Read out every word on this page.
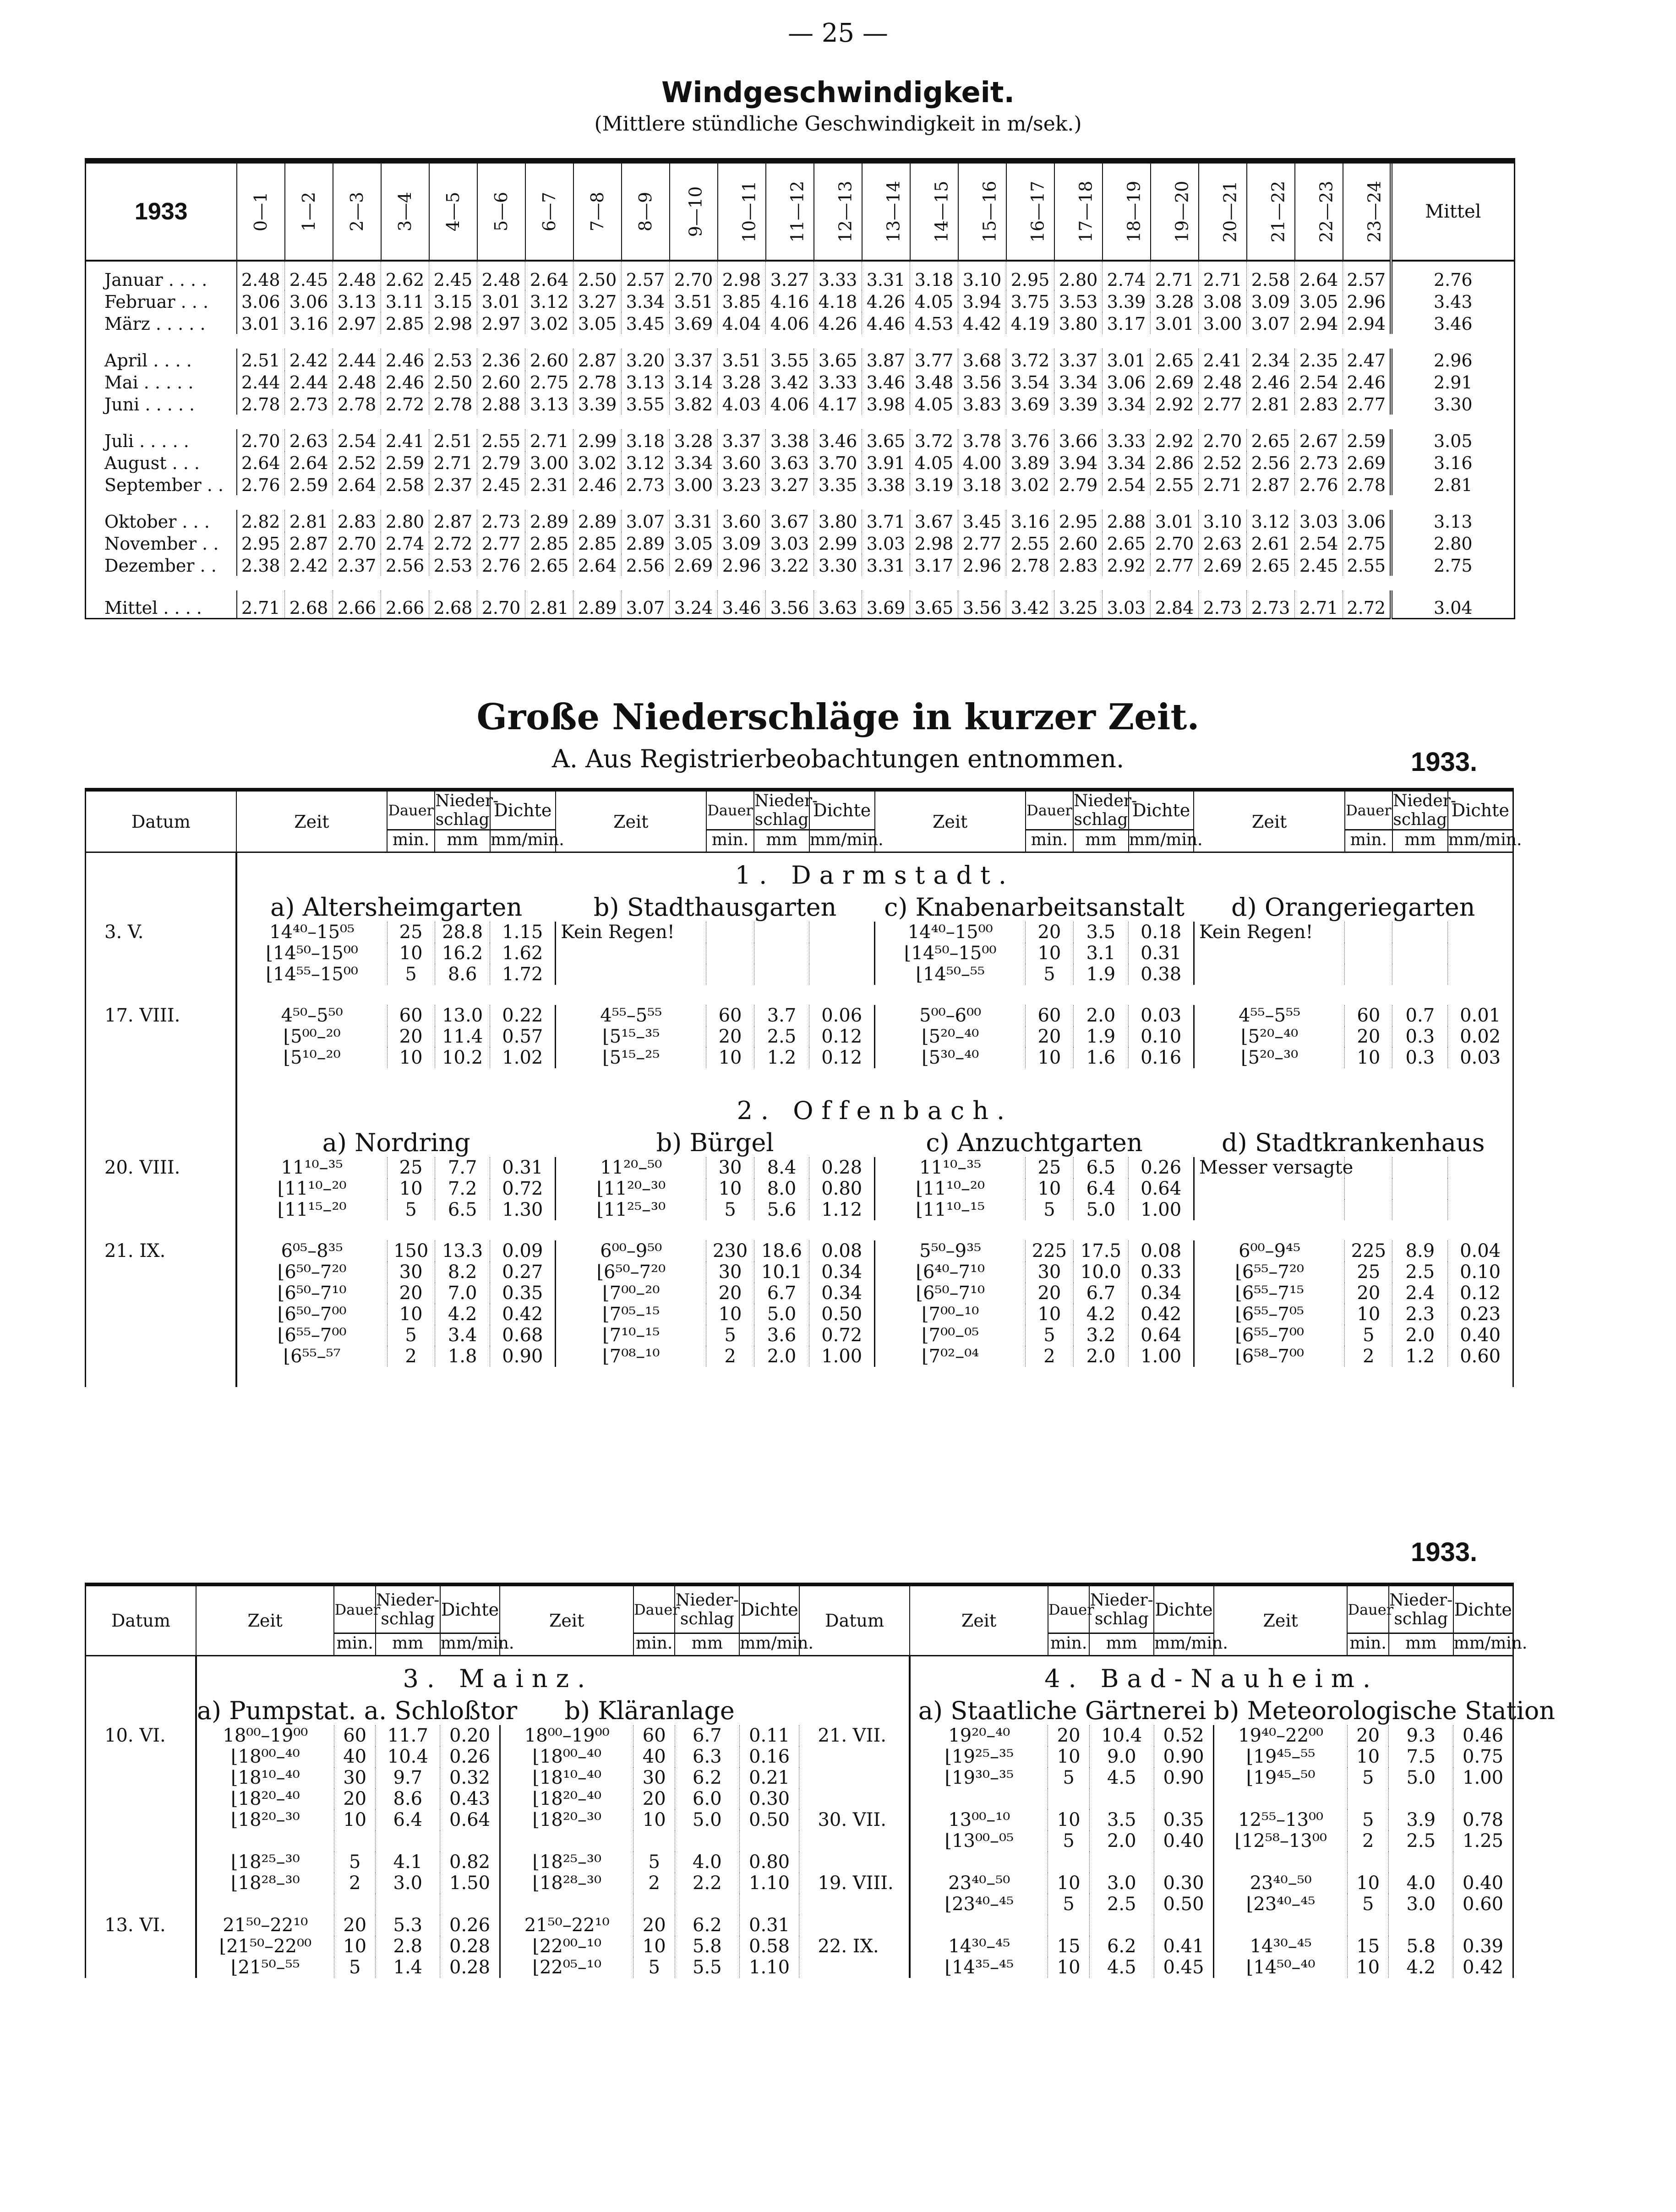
— 25 —
Windgeschwindigkeit.
(Mittlere stündliche Geschwindigkeit in m/sek.)
1933	0—1	1—2	2—3	3—4	4—5	5—6	6—7	7—8	8—9	9—10	10—11	11—12	12—13	13—14	14—15	15—16	16—17	17—18	18—19	19—20	20—21	21—22	22—23	23—24	Mittel
Januar . . . .	2.48	2.45	2.48	2.62	2.45	2.48	2.64	2.50	2.57	2.70	2.98	3.27	3.33	3.31	3.18	3.10	2.95	2.80	2.74	2.71	2.71	2.58	2.64	2.57	2.76
Februar . . .	3.06	3.06	3.13	3.11	3.15	3.01	3.12	3.27	3.34	3.51	3.85	4.16	4.18	4.26	4.05	3.94	3.75	3.53	3.39	3.28	3.08	3.09	3.05	2.96	3.43
März . . . . .	3.01	3.16	2.97	2.85	2.98	2.97	3.02	3.05	3.45	3.69	4.04	4.06	4.26	4.46	4.53	4.42	4.19	3.80	3.17	3.01	3.00	3.07	2.94	2.94	3.46

April . . . .	2.51	2.42	2.44	2.46	2.53	2.36	2.60	2.87	3.20	3.37	3.51	3.55	3.65	3.87	3.77	3.68	3.72	3.37	3.01	2.65	2.41	2.34	2.35	2.47	2.96
Mai . . . . .	2.44	2.44	2.48	2.46	2.50	2.60	2.75	2.78	3.13	3.14	3.28	3.42	3.33	3.46	3.48	3.56	3.54	3.34	3.06	2.69	2.48	2.46	2.54	2.46	2.91
Juni . . . . .	2.78	2.73	2.78	2.72	2.78	2.88	3.13	3.39	3.55	3.82	4.03	4.06	4.17	3.98	4.05	3.83	3.69	3.39	3.34	2.92	2.77	2.81	2.83	2.77	3.30

Juli . . . . .	2.70	2.63	2.54	2.41	2.51	2.55	2.71	2.99	3.18	3.28	3.37	3.38	3.46	3.65	3.72	3.78	3.76	3.66	3.33	2.92	2.70	2.65	2.67	2.59	3.05
August . . .	2.64	2.64	2.52	2.59	2.71	2.79	3.00	3.02	3.12	3.34	3.60	3.63	3.70	3.91	4.05	4.00	3.89	3.94	3.34	2.86	2.52	2.56	2.73	2.69	3.16
September . .	2.76	2.59	2.64	2.58	2.37	2.45	2.31	2.46	2.73	3.00	3.23	3.27	3.35	3.38	3.19	3.18	3.02	2.79	2.54	2.55	2.71	2.87	2.76	2.78	2.81

Oktober . . .	2.82	2.81	2.83	2.80	2.87	2.73	2.89	2.89	3.07	3.31	3.60	3.67	3.80	3.71	3.67	3.45	3.16	2.95	2.88	3.01	3.10	3.12	3.03	3.06	3.13
November . .	2.95	2.87	2.70	2.74	2.72	2.77	2.85	2.85	2.89	3.05	3.09	3.03	2.99	3.03	2.98	2.77	2.55	2.60	2.65	2.70	2.63	2.61	2.54	2.75	2.80
Dezember . .	2.38	2.42	2.37	2.56	2.53	2.76	2.65	2.64	2.56	2.69	2.96	3.22	3.30	3.31	3.17	2.96	2.78	2.83	2.92	2.77	2.69	2.65	2.45	2.55	2.75

Mittel . . . .	2.71	2.68	2.66	2.66	2.68	2.70	2.81	2.89	3.07	3.24	3.46	3.56	3.63	3.69	3.65	3.56	3.42	3.25	3.03	2.84	2.73	2.73	2.71	2.72	3.04
Große Niederschläge in kurzer Zeit.
A. Aus Registrierbeobachtungen entnommen.	1933.
Datum	Zeit	Dauer	Nieder-schlag	Dichte	Zeit	Dauer	Nieder-schlag	Dichte	Zeit	Dauer	Nieder-schlag	Dichte	Zeit	Dauer	Nieder-schlag	Dichte
		min.	mm	mm/min.		min.	mm	mm/min.		min.	mm	mm/min.		min.	mm	mm/min.
	1. Darmstadt.															
	a) Altersheimgarten				b) Stadthausgarten				c) Knabenarbeitsanstalt				d) Orangeriegarten			
3. V.	14⁴⁰–15⁰⁵	25	28.8	1.15	Kein Regen!				14⁴⁰–15⁰⁰	20	3.5	0.18	Kein Regen!			
	⌊14⁵⁰–15⁰⁰	10	16.2	1.62					⌊14⁵⁰–15⁰⁰	10	3.1	0.31				
	⌊14⁵⁵–15⁰⁰	5	8.6	1.72					⌊14⁵⁰–⁵⁵	5	1.9	0.38				

17. VIII.	4⁵⁰–5⁵⁰	60	13.0	0.22	4⁵⁵–5⁵⁵	60	3.7	0.06	5⁰⁰–6⁰⁰	60	2.0	0.03	4⁵⁵–5⁵⁵	60	0.7	0.01
	⌊5⁰⁰–²⁰	20	11.4	0.57	⌊5¹⁵–³⁵	20	2.5	0.12	⌊5²⁰–⁴⁰	20	1.9	0.10	⌊5²⁰–⁴⁰	20	0.3	0.02
	⌊5¹⁰–²⁰	10	10.2	1.02	⌊5¹⁵–²⁵	10	1.2	0.12	⌊5³⁰–⁴⁰	10	1.6	0.16	⌊5²⁰–³⁰	10	0.3	0.03

	2. Offenbach.															
	a) Nordring				b) Bürgel				c) Anzuchtgarten				d) Stadtkrankenhaus			
20. VIII.	11¹⁰–³⁵	25	7.7	0.31	11²⁰–⁵⁰	30	8.4	0.28	11¹⁰–³⁵	25	6.5	0.26	Messer versagte			
	⌊11¹⁰–²⁰	10	7.2	0.72	⌊11²⁰–³⁰	10	8.0	0.80	⌊11¹⁰–²⁰	10	6.4	0.64				
	⌊11¹⁵–²⁰	5	6.5	1.30	⌊11²⁵–³⁰	5	5.6	1.12	⌊11¹⁰–¹⁵	5	5.0	1.00				

21. IX.	6⁰⁵–8³⁵	150	13.3	0.09	6⁰⁰–9⁵⁰	230	18.6	0.08	5⁵⁰–9³⁵	225	17.5	0.08	6⁰⁰–9⁴⁵	225	8.9	0.04
	⌊6⁵⁰–7²⁰	30	8.2	0.27	⌊6⁵⁰–7²⁰	30	10.1	0.34	⌊6⁴⁰–7¹⁰	30	10.0	0.33	⌊6⁵⁵–7²⁰	25	2.5	0.10
	⌊6⁵⁰–7¹⁰	20	7.0	0.35	⌊7⁰⁰–²⁰	20	6.7	0.34	⌊6⁵⁰–7¹⁰	20	6.7	0.34	⌊6⁵⁵–7¹⁵	20	2.4	0.12
	⌊6⁵⁰–7⁰⁰	10	4.2	0.42	⌊7⁰⁵–¹⁵	10	5.0	0.50	⌊7⁰⁰–¹⁰	10	4.2	0.42	⌊6⁵⁵–7⁰⁵	10	2.3	0.23
	⌊6⁵⁵–7⁰⁰	5	3.4	0.68	⌊7¹⁰–¹⁵	5	3.6	0.72	⌊7⁰⁰–⁰⁵	5	3.2	0.64	⌊6⁵⁵–7⁰⁰	5	2.0	0.40
	⌊6⁵⁵–⁵⁷	2	1.8	0.90	⌊7⁰⁸–¹⁰	2	2.0	1.00	⌊7⁰²–⁰⁴	2	2.0	1.00	⌊6⁵⁸–7⁰⁰	2	1.2	0.60

1933.
Datum	Zeit	Dauer	Nieder-schlag	Dichte	Zeit	Dauer	Nieder-schlag	Dichte	Datum	Zeit	Dauer	Nieder-schlag	Dichte	Zeit	Dauer	Nieder-schlag	Dichte
		min.	mm	mm/min.		min.	mm	mm/min.			min.	mm	mm/min.		min.	mm	mm/min.
	3. Mainz.									4. Bad-Nauheim.							
	a) Pumpstat. a. Schloßtor				b) Kläranlage					a) Staatliche Gärtnerei				b) Meteorologische Station			
10. VI.	18⁰⁰–19⁰⁰	60	11.7	0.20	18⁰⁰–19⁰⁰	60	6.7	0.11	21. VII.	19²⁰–⁴⁰	20	10.4	0.52	19⁴⁰–22⁰⁰	20	9.3	0.46
	⌊18⁰⁰–⁴⁰	40	10.4	0.26	⌊18⁰⁰–⁴⁰	40	6.3	0.16		⌊19²⁵–³⁵	10	9.0	0.90	⌊19⁴⁵–⁵⁵	10	7.5	0.75
	⌊18¹⁰–⁴⁰	30	9.7	0.32	⌊18¹⁰–⁴⁰	30	6.2	0.21		⌊19³⁰–³⁵	5	4.5	0.90	⌊19⁴⁵–⁵⁰	5	5.0	1.00
	⌊18²⁰–⁴⁰	20	8.6	0.43	⌊18²⁰–⁴⁰	20	6.0	0.30									
	⌊18²⁰–³⁰	10	6.4	0.64	⌊18²⁰–³⁰	10	5.0	0.50	30. VII.	13⁰⁰–¹⁰	10	3.5	0.35	12⁵⁵–13⁰⁰	5	3.9	0.78
										⌊13⁰⁰–⁰⁵	5	2.0	0.40	⌊12⁵⁸–13⁰⁰	2	2.5	1.25
	⌊18²⁵–³⁰	5	4.1	0.82	⌊18²⁵–³⁰	5	4.0	0.80									
	⌊18²⁸–³⁰	2	3.0	1.50	⌊18²⁸–³⁰	2	2.2	1.10	19. VIII.	23⁴⁰–⁵⁰	10	3.0	0.30	23⁴⁰–⁵⁰	10	4.0	0.40
										⌊23⁴⁰–⁴⁵	5	2.5	0.50	⌊23⁴⁰–⁴⁵	5	3.0	0.60
13. VI.	21⁵⁰–22¹⁰	20	5.3	0.26	21⁵⁰–22¹⁰	20	6.2	0.31									
	⌊21⁵⁰–22⁰⁰	10	2.8	0.28	⌊22⁰⁰–¹⁰	10	5.8	0.58	22. IX.	14³⁰–⁴⁵	15	6.2	0.41	14³⁰–⁴⁵	15	5.8	0.39
	⌊21⁵⁰–⁵⁵	5	1.4	0.28	⌊22⁰⁵–¹⁰	5	5.5	1.10		⌊14³⁵–⁴⁵	10	4.5	0.45	⌊14⁵⁰–⁴⁰	10	4.2	0.42
